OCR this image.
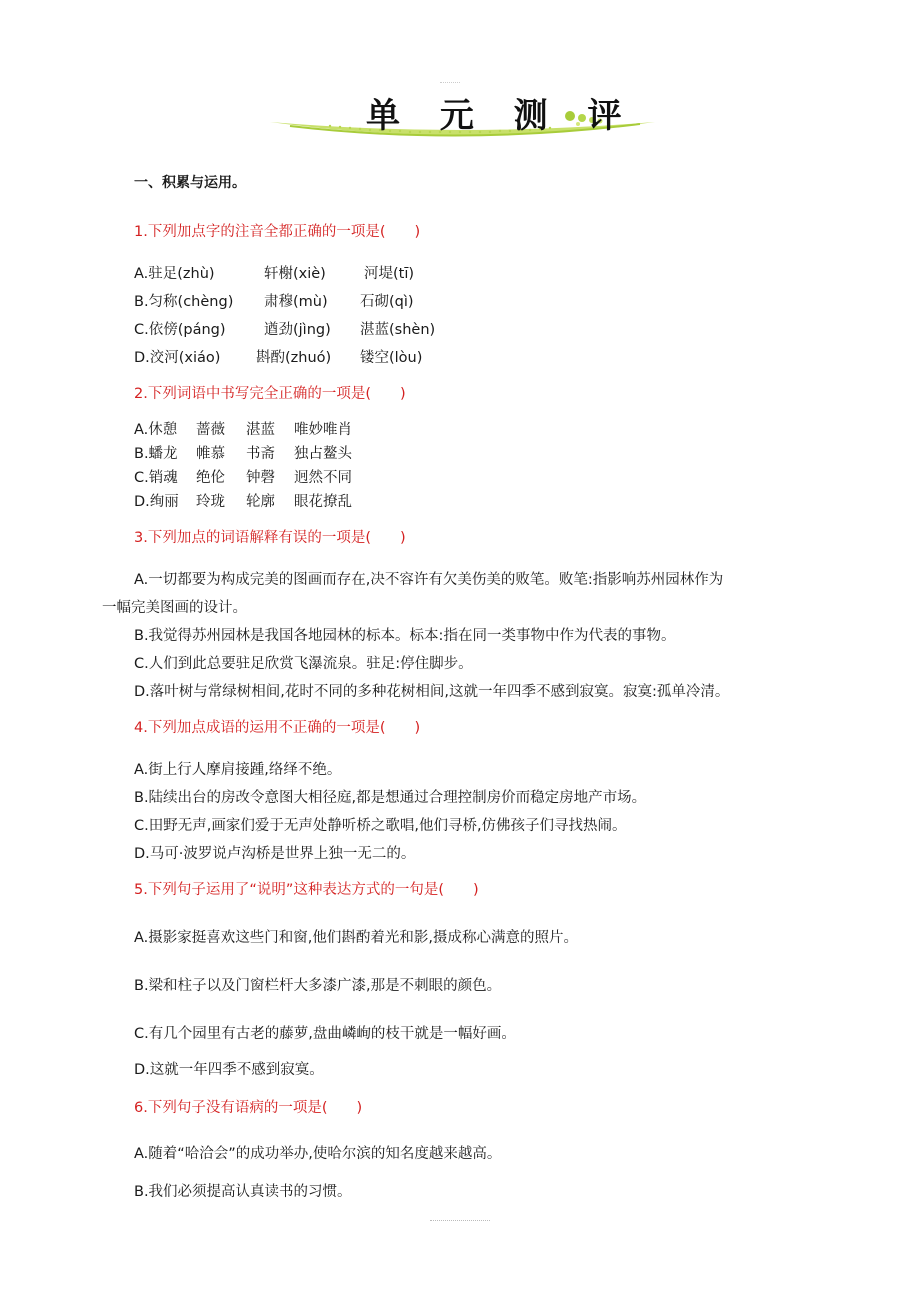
单 元 测 评
一、积累与运用。
1.下列加点字的注音全都正确的一项是(　　)
A.驻足(zhù)	轩榭(xiè)	河堤(tī)
B.匀称(chèng) 肃穆(mù) 石砌(qì)
C.依傍(páng)	遒劲(jìng) 湛蓝(shèn)
D.洨河(xiáo) 斟酌(zhuó) 镂空(lòu)
2.下列词语中书写完全正确的一项是(　　)
A.休憩 蔷薇 湛蓝 唯妙唯肖
B.蟠龙 帷慕 书斋 独占鳌头
C.销魂 绝伦 钟磬 迥然不同
D.绚丽 玲珑 轮廓 眼花撩乱
3.下列加点的词语解释有误的一项是(　　)
A.一切都要为构成完美的图画而存在,决不容许有欠美伤美的败笔。败笔:指影响苏州园林作为
一幅完美图画的设计。
B.我觉得苏州园林是我国各地园林的标本。标本:指在同一类事物中作为代表的事物。
C.人们到此总要驻足欣赏飞瀑流泉。驻足:停住脚步。
D.落叶树与常绿树相间,花时不同的多种花树相间,这就一年四季不感到寂寞。寂寞:孤单冷清。
4.下列加点成语的运用不正确的一项是(　　)
A.街上行人摩肩接踵,络绎不绝。
B.陆续出台的房改令意图大相径庭,都是想通过合理控制房价而稳定房地产市场。
C.田野无声,画家们爱于无声处静听桥之歌唱,他们寻桥,仿佛孩子们寻找热闹。
D.马可·波罗说卢沟桥是世界上独一无二的。
5.下列句子运用了“说明”这种表达方式的一句是(　　)
A.摄影家挺喜欢这些门和窗,他们斟酌着光和影,摄成称心满意的照片。
B.梁和柱子以及门窗栏杆大多漆广漆,那是不刺眼的颜色。
C.有几个园里有古老的藤萝,盘曲嶙峋的枝干就是一幅好画。
D.这就一年四季不感到寂寞。
6.下列句子没有语病的一项是(　　)
A.随着“哈洽会”的成功举办,使哈尔滨的知名度越来越高。
B.我们必须提高认真读书的习惯。
